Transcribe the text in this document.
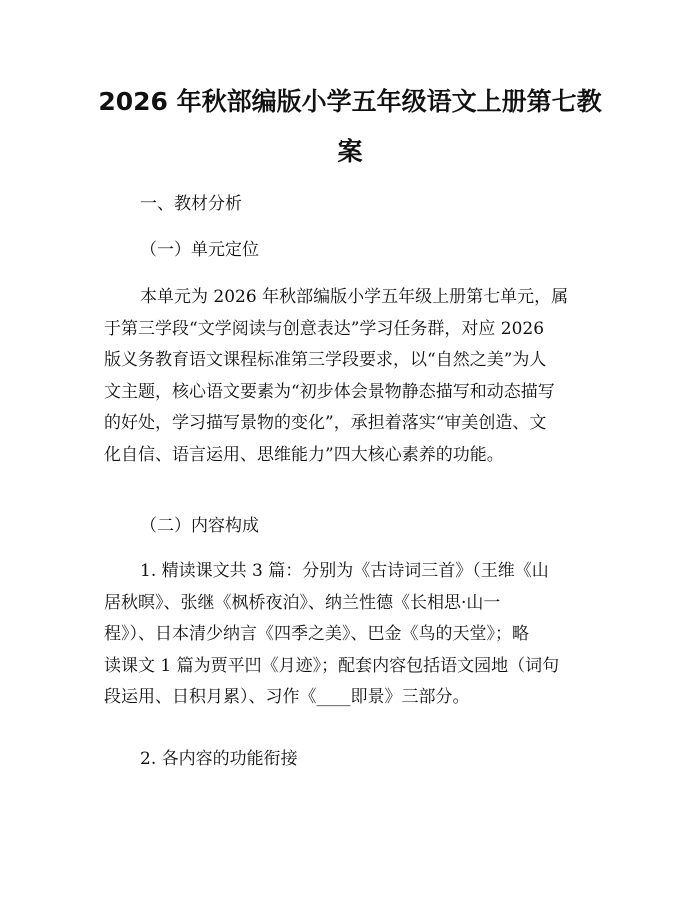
2026 年秋部编版小学五年级语文上册第七教
案

一、教材分析

（一）单元定位

本单元为 2026 年秋部编版小学五年级上册第七单元，属
于第三学段“文学阅读与创意表达”学习任务群，对应 2026
版义务教育语文课程标准第三学段要求，以“自然之美”为人
文主题，核心语文要素为“初步体会景物静态描写和动态描写
的好处，学习描写景物的变化”，承担着落实“审美创造、文
化自信、语言运用、思维能力”四大核心素养的功能。

（二）内容构成

1. 精读课文共 3 篇：分别为《古诗词三首》（王维《山
居秋暝》、张继《枫桥夜泊》、纳兰性德《长相思·山一
程》）、日本清少纳言《四季之美》、巴金《鸟的天堂》；略
读课文 1 篇为贾平凹《月迹》；配套内容包括语文园地（词句
段运用、日积月累）、习作《____即景》三部分。

2. 各内容的功能衔接
